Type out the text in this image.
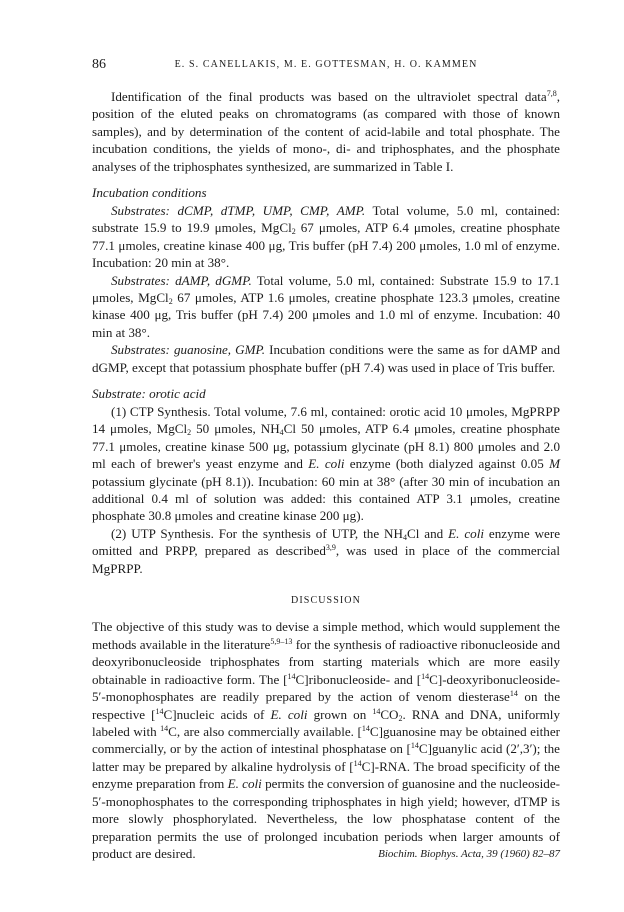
86	E. S. CANELLAKIS, M. E. GOTTESMAN, H. O. KAMMEN

Identification of the final products was based on the ultraviolet spectral data$^{7,8}$, position of the eluted peaks on chromatograms (as compared with those of known samples), and by determination of the content of acid-labile and total phosphate. The incubation conditions, the yields of mono-, di- and triphosphates, and the phosphate analyses of the triphosphates synthesized, are summarized in Table I.

Incubation conditions

Substrates: dCMP, dTMP, UMP, CMP, AMP. Total volume, 5.0 ml, contained: substrate 15.9 to 19.9 μmoles, MgCl$_2$ 67 μmoles, ATP 6.4 μmoles, creatine phosphate 77.1 μmoles, creatine kinase 400 μg, Tris buffer (pH 7.4) 200 μmoles, 1.0 ml of enzyme. Incubation: 20 min at 38°.

Substrates: dAMP, dGMP. Total volume, 5.0 ml, contained: Substrate 15.9 to 17.1 μmoles, MgCl$_2$ 67 μmoles, ATP 1.6 μmoles, creatine phosphate 123.3 μmoles, creatine kinase 400 μg, Tris buffer (pH 7.4) 200 μmoles and 1.0 ml of enzyme. Incubation: 40 min at 38°.

Substrates: guanosine, GMP. Incubation conditions were the same as for dAMP and dGMP, except that potassium phosphate buffer (pH 7.4) was used in place of Tris buffer.

Substrate: orotic acid

(1) CTP Synthesis. Total volume, 7.6 ml, contained: orotic acid 10 μmoles, MgPRPP 14 μmoles, MgCl$_2$ 50 μmoles, $NH_4Cl$ 50 μmoles, ATP 6.4 μmoles, creatine phosphate 77.1 μmoles, creatine kinase 500 μg, potassium glycinate (pH 8.1) 800 μmoles and 2.0 ml each of brewer's yeast enzyme and E. coli enzyme (both dialyzed against 0.05 M potassium glycinate (pH 8.1)). Incubation: 60 min at 38° (after 30 min of incubation an additional 0.4 ml of solution was added: this contained ATP 3.1 μmoles, creatine phosphate 30.8 μmoles and creatine kinase 200 μg).

(2) UTP Synthesis. For the synthesis of UTP, the $NH_4Cl$ and E. coli enzyme were omitted and PRPP, prepared as described$^{3,9}$, was used in place of the commercial MgPRPP.

DISCUSSION

The objective of this study was to devise a simple method, which would supplement the methods available in the literature$^{5,9-13}$ for the synthesis of radioactive ribonucleoside and deoxyribonucleoside triphosphates from starting materials which are more easily obtainable in radioactive form. The [$^{14}$C]ribonucleoside- and [$^{14}$C]-deoxyribonucleoside-5′-monophosphates are readily prepared by the action of venom diesterase$^{14}$ on the respective [$^{14}$C]nucleic acids of E. coli grown on $^{14}CO_2$. RNA and DNA, uniformly labeled with $^{14}$C, are also commercially available. [$^{14}$C]guanosine may be obtained either commercially, or by the action of intestinal phosphatase on [$^{14}$C]guanylic acid (2′,3′); the latter may be prepared by alkaline hydrolysis of [$^{14}$C]-RNA. The broad specificity of the enzyme preparation from E. coli permits the conversion of guanosine and the nucleoside-5′-monophosphates to the corresponding triphosphates in high yield; however, dTMP is more slowly phosphorylated. Nevertheless, the low phosphatase content of the preparation permits the use of prolonged incubation periods when larger amounts of product are desired.	Biochim. Biophys. Acta, 39 (1960) 82–87
